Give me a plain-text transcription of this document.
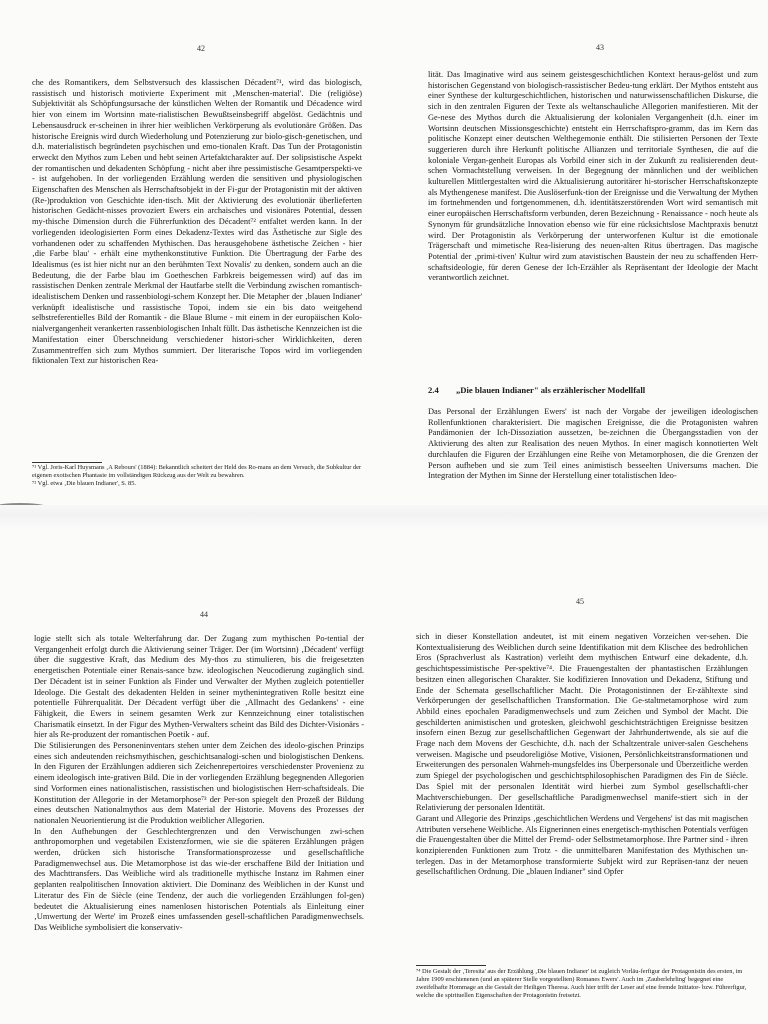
42

che des Romantikers, dem Selbstversuch des klassischen Décadent⁷¹, wird das biologisch, rassistisch und historisch motivierte Experiment mit ‚Menschen-material'. Die (religiöse) Subjektivität als Schöpfungsursache der künstlichen Welten der Romantik und Décadence wird hier von einem im Wortsinn mate-rialistischen Bewußtseinsbegriff abgelöst. Gedächtnis und Lebensausdruck er-scheinen in ihrer hier weiblichen Verkörperung als evolutionäre Größen. Das historische Ereignis wird durch Wiederholung und Potenzierung zur biolo-gisch-genetischen, und d.h. materialistisch begründeten psychischen und emo-tionalen Kraft. Das Tun der Protagonistin erweckt den Mythos zum Leben und hebt seinen Artefaktcharakter auf. Der solipsistische Aspekt der romantischen und dekadenten Schöpfung - nicht aber ihre pessimistische Gesamtperspekti-ve - ist aufgehoben. In der vorliegenden Erzählung werden die sensitiven und physiologischen Eigenschaften des Menschen als Herrschaftsobjekt in der Fi-gur der Protagonistin mit der aktiven (Re-)produktion von Geschichte iden-tisch. Mit der Aktivierung des evolutionär überlieferten historischen Gedächt-nisses provoziert Ewers ein archaisches und visionäres Potential, dessen my-thische Dimension durch die Führerfunktion des Décadent⁷² entfaltet werden kann. In der vorliegenden ideologisierten Form eines Dekadenz-Textes wird das Ästhetische zur Sigle des vorhandenen oder zu schaffenden Mythischen. Das herausgehobene ästhetische Zeichen - hier ‚die Farbe blau' - erhält eine mythenkonstitutive Funktion. Die Übertragung der Farbe des Idealismus (es ist hier nicht nur an den berühmten Text Novalis' zu denken, sondern auch an die Bedeutung, die der Farbe blau im Goetheschen Farbkreis beigemessen wird) auf das im rassistischen Denken zentrale Merkmal der Hautfarbe stellt die Verbindung zwischen romantisch-idealistischem Denken und rassenbiologi-schem Konzept her. Die Metapher der ‚blauen Indianer' verknüpft idealistische und rassistische Topoi, indem sie ein bis dato weitgehend selbstreferentielles Bild der Romantik - die Blaue Blume - mit einem in der europäischen Kolo-nialvergangenheit verankerten rassenbiologischen Inhalt füllt. Das ästhetische Kennzeichen ist die Manifestation einer Überschneidung verschiedener histori-scher Wirklichkeiten, deren Zusammentreffen sich zum Mythos summiert. Der literarische Topos wird im vorliegenden fiktionalen Text zur historischen Rea-

⁷¹ Vgl. Joris-Karl Huysmans ‚A Rebours' (1884): Bekanntlich scheitert der Held des Ro-mans an dem Versuch, die Subkultur der eigenen exotischen Phantasie im vollständigen Rückzug aus der Welt zu bewahren.

⁷² Vgl. etwa ‚Die blauen Indianer', S. 85.

43

lität. Das Imaginative wird aus seinem geistesgeschichtlichen Kontext heraus-gelöst und zum historischen Gegenstand von biologisch-rassistischer Bedeu-tung erklärt. Der Mythos entsteht aus einer Synthese der kulturgeschichtlichen, historischen und naturwissenschaftlichen Diskurse, die sich in den zentralen Figuren der Texte als weltanschauliche Allegorien manifestieren. Mit der Ge-nese des Mythos durch die Aktualisierung der kolonialen Vergangenheit (d.h. einer im Wortsinn deutschen Missionsgeschichte) entsteht ein Herrschaftspro-gramm, das im Kern das politische Konzept einer deutschen Welthegemonie enthält. Die stilisierten Personen der Texte suggerieren durch ihre Herkunft politische Allianzen und territoriale Synthesen, die auf die koloniale Vergan-genheit Europas als Vorbild einer sich in der Zukunft zu realisierenden deut-schen Vormachtstellung verweisen. In der Begegnung der männlichen und der weiblichen kulturellen Mittlergestalten wird die Aktualisierung autoritärer hi-storischer Herrschaftskonzepte als Mythengenese manifest. Die Auslöserfunk-tion der Ereignisse und die Verwaltung der Mythen im fortnehmenden und fortgenommenen, d.h. identitätszerstörenden Wort wird semantisch mit einer europäischen Herrschaftsform verbunden, deren Bezeichnung - Renaissance - noch heute als Synonym für grundsätzliche Innovation ebenso wie für eine rücksichtslose Machtpraxis benutzt wird. Der Protagonistin als Verkörperung der unterworfenen Kultur ist die emotionale Trägerschaft und mimetische Rea-lisierung des neuen-alten Ritus übertragen. Das magische Potential der ‚primi-tiven' Kultur wird zum atavistischen Baustein der neu zu schaffenden Herr-schaftsideologie, für deren Genese der Ich-Erzähler als Repräsentant der Ideologie der Macht verantwortlich zeichnet.

2.4 „Die blauen Indianer" als erzählerischer Modellfall

Das Personal der Erzählungen Ewers' ist nach der Vorgabe der jeweiligen ideologischen Rollenfunktionen charakterisiert. Die magischen Ereignisse, die die Protagonisten wahren Pandämonien der Ich-Dissoziation aussetzen, be-zeichnen die Übergangsstadien von der Aktivierung des alten zur Realisation des neuen Mythos. In einer magisch konnotierten Welt durchlaufen die Figuren der Erzählungen eine Reihe von Metamorphosen, die die Grenzen der Person aufheben und sie zum Teil eines animistisch besseelten Universums machen. Die Integration der Mythen im Sinne der Herstellung einer totalistischen Ideo-

44

logie stellt sich als totale Welterfahrung dar. Der Zugang zum mythischen Po-tential der Vergangenheit erfolgt durch die Aktivierung seiner Träger. Der (im Wortsinn) ‚Décadent' verfügt über die suggestive Kraft, das Medium des My-thos zu stimulieren, bis die freigesetzten energetischen Potentiale einer Renais-sance bzw. ideologischen Neucodierung zugänglich sind. Der Décadent ist in seiner Funktion als Finder und Verwalter der Mythen zugleich potentieller Ideologe. Die Gestalt des dekadenten Helden in seiner mythenintegrativen Rolle besitzt eine potentielle Führerqualität. Der Décadent verfügt über die ‚Allmacht des Gedankens' - eine Fähigkeit, die Ewers in seinem gesamten Werk zur Kennzeichnung einer totalistischen Charismatik einsetzt. In der Figur des Mythen-Verwalters scheint das Bild des Dichter-Visionärs - hier als Re-produzent der romantischen Poetik - auf.

Die Stilisierungen des Personeninventars stehen unter dem Zeichen des ideolo-gischen Prinzips eines sich andeutenden reichsmythischen, geschichtsanalogi-schen und biologistischen Denkens. In den Figuren der Erzählungen addieren sich Zeichenrepertoires verschiedenster Provenienz zu einem ideologisch inte-grativen Bild. Die in der vorliegenden Erzählung begegnenden Allegorien sind Vorformen eines nationalistischen, rassistischen und biologistischen Herr-schaftsideals. Die Konstitution der Allegorie in der Metamorphose⁷³ der Per-son spiegelt den Prozeß der Bildung eines deutschen Nationalmythos aus dem Material der Historie. Movens des Prozesses der nationalen Neuorientierung ist die Produktion weiblicher Allegorien.

In den Aufhebungen der Geschlechtergrenzen und den Verwischungen zwi-schen anthropomorphen und vegetabilen Existenzformen, wie sie die späteren Erzählungen prägen werden, drücken sich historische Transformationsprozesse und gesellschaftliche Paradigmenwechsel aus. Die Metamorphose ist das wie-der erschaffene Bild der Initiation und des Machttransfers. Das Weibliche wird als traditionelle mythische Instanz im Rahmen einer geplanten realpolitischen Innovation aktiviert. Die Dominanz des Weiblichen in der Kunst und Literatur des Fin de Siècle (eine Tendenz, der auch die vorliegenden Erzählungen fol-gen) bedeutet die Aktualisierung eines namenlosen historischen Potentials als Einleitung einer ‚Umwertung der Werte' im Prozeß eines umfassenden gesell-schaftlichen Paradigmenwechsels. Das Weibliche symbolisiert die konservativ-

45

sich in dieser Konstellation andeutet, ist mit einem negativen Vorzeichen ver-sehen. Die Kontextualisierung des Weiblichen durch seine Identifikation mit dem Klischee des bedrohlichen Eros (Sprachverlust als Kastration) verleiht dem mythischen Entwurf eine dekadente, d.h. geschichtspessimistische Per-spektive⁷⁴. Die Frauengestalten der phantastischen Erzählungen besitzen einen allegorischen Charakter. Sie kodifizieren Innovation und Dekadenz, Stiftung und Ende der Schemata gesellschaftlicher Macht. Die Protagonistinnen der Er-zähltexte sind Verkörperungen der gesellschaftlichen Transformation. Die Ge-staltmetamorphose wird zum Abbild eines epochalen Paradigmenwechsels und zum Zeichen und Symbol der Macht. Die geschilderten animistischen und grotesken, gleichwohl geschichtsträchtigen Ereignisse besitzen insofern einen Bezug zur gesellschaftlichen Gegenwart der Jahrhundertwende, als sie auf die Frage nach dem Movens der Geschichte, d.h. nach der Schaltzentrale univer-salen Geschehens verweisen. Magische und pseudoreligiöse Motive, Visionen, Persönlichkeitstransformationen und Erweiterungen des personalen Wahrneh-mungsfeldes ins Überpersonale und Überzeitliche werden zum Spiegel der psychologischen und geschichtsphilosophischen Paradigmen des Fin de Siècle. Das Spiel mit der personalen Identität wird hierbei zum Symbol gesellschaftli-cher Machtverschiebungen. Der gesellschaftliche Paradigmenwechsel manife-stiert sich in der Relativierung der personalen Identität.

Garant und Allegorie des Prinzips ‚geschichtlichen Werdens und Vergehens' ist das mit magischen Attributen versehene Weibliche. Als Eignerinnen eines energetisch-mythischen Potentials verfügen die Frauengestalten über die Mittel der Fremd- oder Selbstmetamorphose. Ihre Partner sind - ihren konzipierenden Funktionen zum Trotz - die unmittelbaren Manifestation des Mythischen un-terlegen. Das in der Metamorphose transformierte Subjekt wird zur Repräsen-tanz der neuen gesellschaftlichen Ordnung. Die „blauen Indianer" sind Opfer

⁷⁴ Die Gestalt der ‚Teresita' aus der Erzählung ‚Die blauen Indianer' ist zugleich Vorläu-ferfigur der Protagonistin des ersten, im Jahre 1909 erschienenen (und an späterer Stelle vorgestellten) Romanes Ewers'. Auch im ‚Zauberlehrling' begegnet eine zweifelhafte Hommage an die Gestalt der Heiligen Theresa. Auch hier trifft der Leser auf eine fremde Initiator- bzw. Führerfigur, welche die spirituellen Eigenschaften der Protagonistin freisetzt.
